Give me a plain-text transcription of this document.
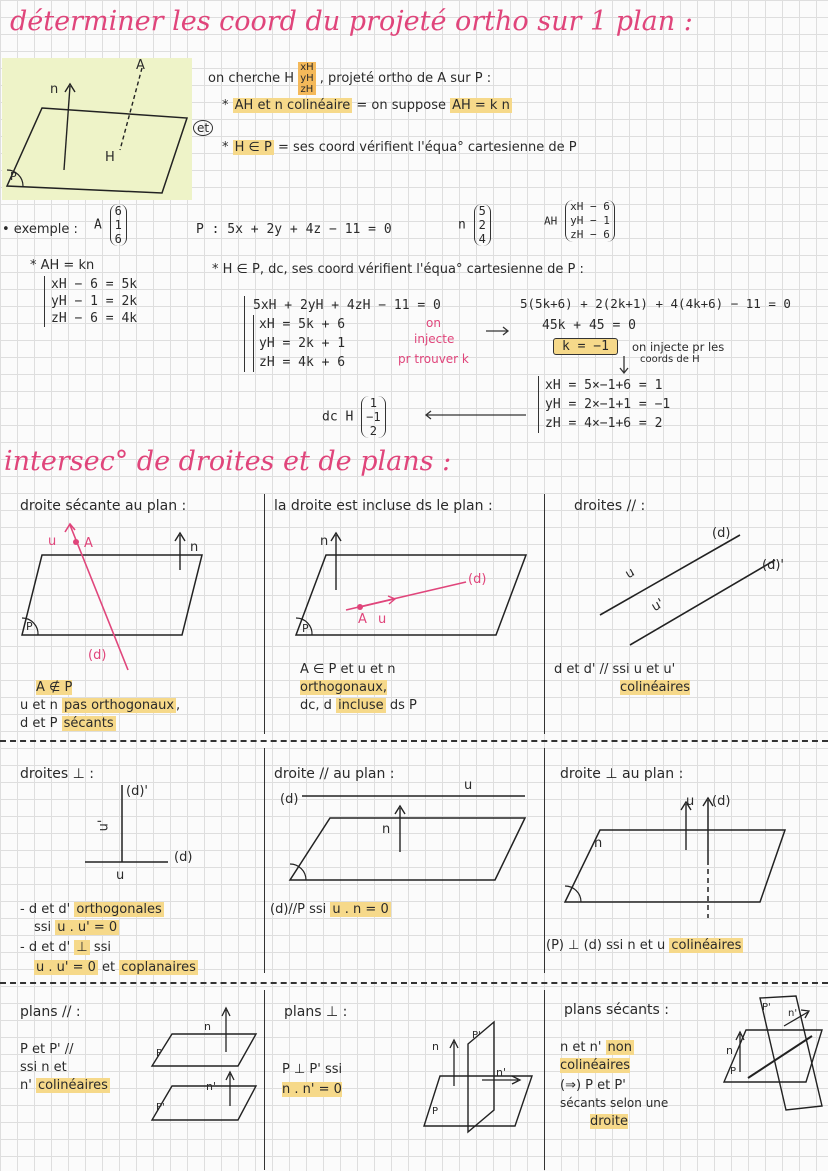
déterminer les coord du projeté ortho sur 1 plan :
n
A
H
P
on cherche H xH
yH
zH , projeté ortho de A sur P :
* AH et n colinéaire = on suppose AH = k n
et
* H ∈ P = ses coord vérifient l'équa° cartesienne de P
• exemple : A 6
1
6
P : 5x + 2y + 4z − 11 = 0	n 5
2
4
AH xH − 6
yH − 1
zH − 6
* AH = kn
xH − 6 = 5k
yH − 1 = 2k
zH − 6 = 4k
* H ∈ P, dc, ses coord vérifient l'équa° cartesienne de P :
5xH + 2yH + 4zH − 11 = 0
xH = 5k + 6
yH = 2k + 1
zH = 4k + 6
on
injecte
pr trouver k
5(5k+6) + 2(2k+1) + 4(4k+6) − 11 = 0
45k + 45 = 0
k = −1	on injecte pr les
coords de H
xH = 5×−1+6 = 1
yH = 2×−1+1 = −1
zH = 4×−1+6 = 2
dc H 1
−1
2
intersec° de droites et de plans :
droite sécante au plan :
u A	n
(d)
P
A ∉ P
u et n pas orthogonaux ,
d et P sécants
la droite est incluse ds le plan :
n
(d)
A u
P
A ∈ P et u et n
orthogonaux,
dc, d incluse ds P
droites // :
u
u'
(d)
(d)'
d et d' // ssi u et u'
colinéaires
droites ⊥ :
(d)'
u'
(d)
u
- d et d' orthogonales
ssi u . u' = 0
- d et d' ⊥ ssi
u . u' = 0 et coplanaires
droite // au plan :
(d)
u
n
(d)//P ssi u . n = 0
droite ⊥ au plan :
u (d)
n
(P) ⊥ (d) ssi n et u colinéaires
plans // :
P et P' //
ssi n et
n' colinéaires
n
n'
P
P'
plans ⊥ :
P ⊥ P' ssi
n . n' = 0
n
n'
P
P'
plans sécants :
n et n' non
colinéaires
(⇒) P et P'
sécants selon une
droite
n
n'
P
P'
